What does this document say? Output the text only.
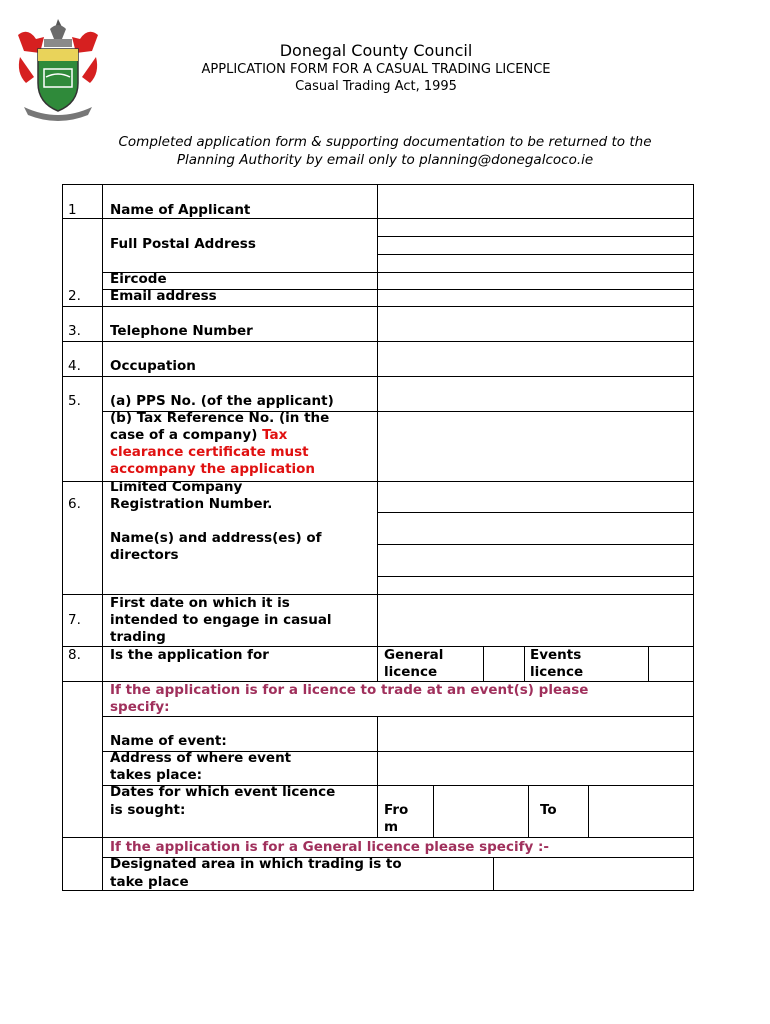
Donegal County Council
APPLICATION FORM FOR A CASUAL TRADING LICENCE
Casual Trading Act, 1995
Completed application form & supporting documentation to be returned to the
Planning Authority by email only to planning@donegalcoco.ie
1
2.
3.
4.
5.
6.
7.
8.
Name of Applicant
Full Postal Address
Eircode
Email address
Telephone Number
Occupation
(a) PPS No. (of the applicant)
(b) Tax Reference No. (in the
case of a company) Tax
clearance certificate must
accompany the application
Limited Company
Registration Number.
Name(s) and address(es) of
directors
First date on which it is
intended to engage in casual
trading
Is the application for	General
licence
Events
licence
If the application is for a licence to trade at an event(s) please
specify:
Name of event:
Address of where event
takes place:
Dates for which event licence
is sought:	Fro
m
To
If the application is for a General licence please specify :-
Designated area in which trading is to
take place
